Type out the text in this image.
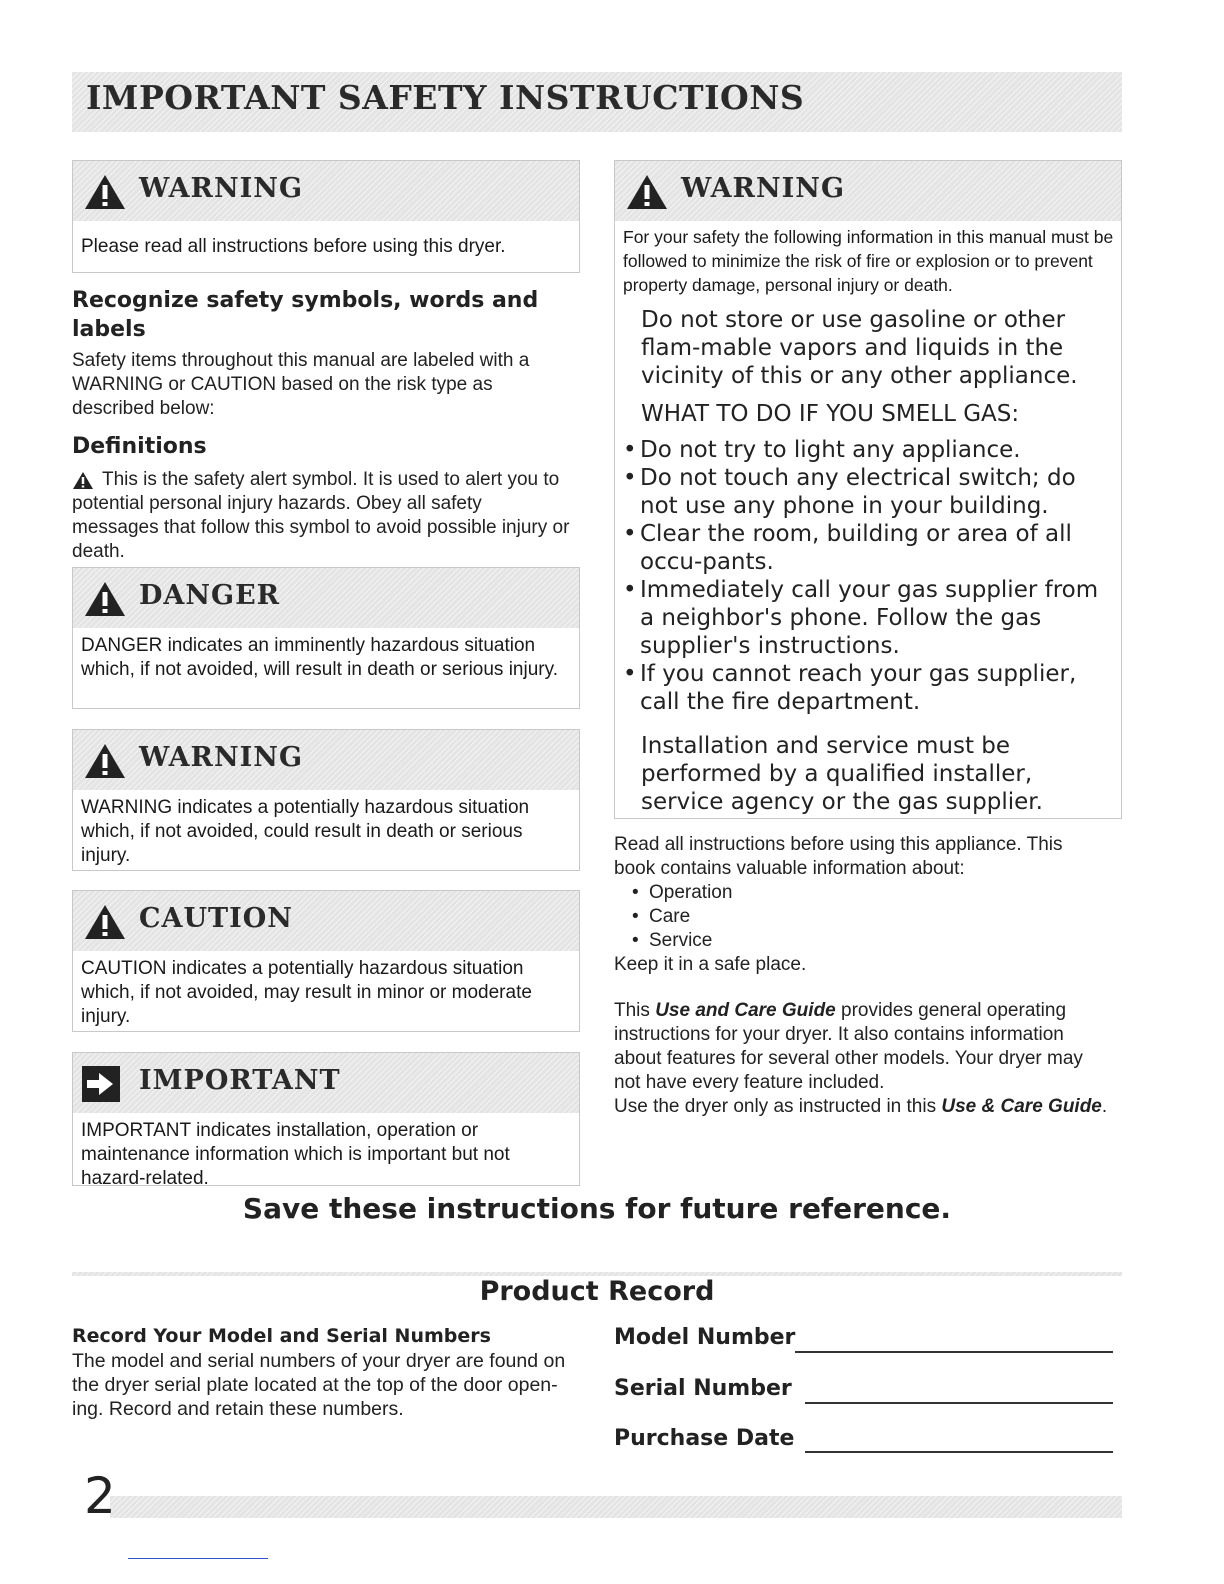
IMPORTANT SAFETY INSTRUCTIONS
WARNING
Please read all instructions before using this dryer.
Recognize safety symbols, words and labels
Safety items throughout this manual are labeled with a WARNING or CAUTION based on the risk type as described below:
Definitions
This is the safety alert symbol. It is used to alert you to potential personal injury hazards. Obey all safety messages that follow this symbol to avoid possible injury or death.
DANGER
DANGER indicates an imminently hazardous situation which, if not avoided, will result in death or serious injury.
WARNING
WARNING indicates a potentially hazardous situation which, if not avoided, could result in death or serious injury.
CAUTION
CAUTION indicates a potentially hazardous situation which, if not avoided, may result in minor or moderate injury.
IMPORTANT
IMPORTANT indicates installation, operation or maintenance information which is important but not hazard-related.
WARNING
For your safety the following information in this manual must be followed to minimize the risk of fire or explosion or to prevent property damage, personal injury or death.
Do not store or use gasoline or other flam-mable vapors and liquids in the vicinity of this or any other appliance.
WHAT TO DO IF YOU SMELL GAS:
• Do not try to light any appliance.
• Do not touch any electrical switch; do not use any phone in your building.
• Clear the room, building or area of all occu-pants.
• Immediately call your gas supplier from a neighbor's phone. Follow the gas supplier's instructions.
• If you cannot reach your gas supplier, call the fire department.
Installation and service must be performed by a qualified installer, service agency or the gas supplier.
Read all instructions before using this appliance. This book contains valuable information about:
• Operation
• Care
• Service
Keep it in a safe place.
This Use and Care Guide provides general operating instructions for your dryer. It also contains information about features for several other models. Your dryer may not have every feature included.
Use the dryer only as instructed in this Use & Care Guide.
Save these instructions for future reference.
Product Record
Record Your Model and Serial Numbers
The model and serial numbers of your dryer are found on the dryer serial plate located at the top of the door open-ing. Record and retain these numbers.
Model Number
Serial Number
Purchase Date
2
